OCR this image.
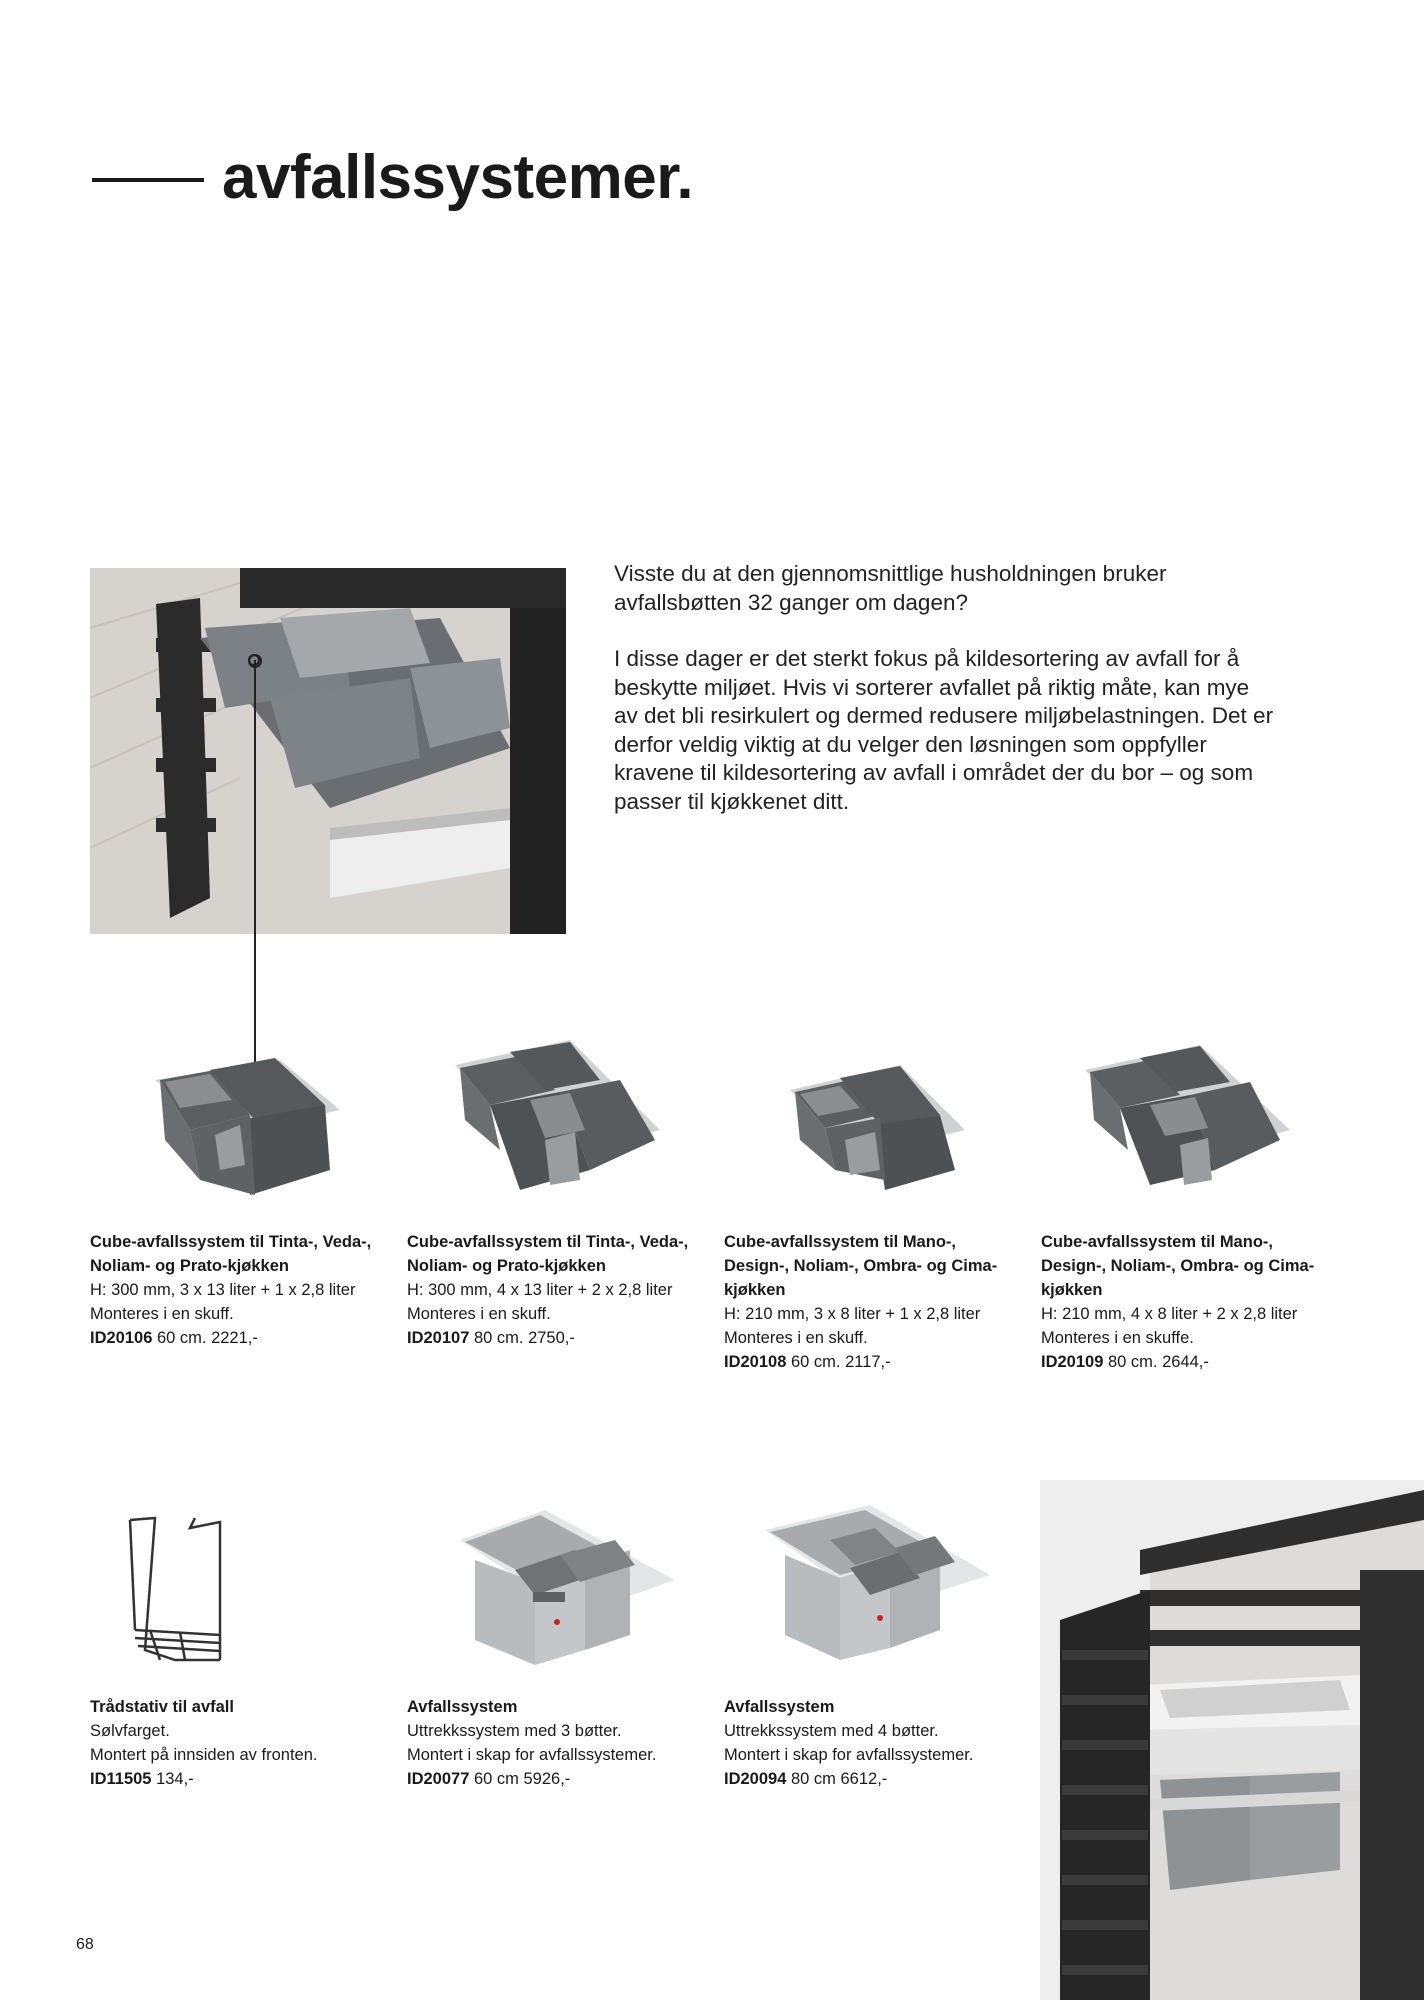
avfallssystemer.

Visste du at den gjennomsnittlige husholdningen bruker avfallsbøtten 32 ganger om dagen?

I disse dager er det sterkt fokus på kildesortering av avfall for å beskytte miljøet. Hvis vi sorterer avfallet på riktig måte, kan mye av det bli resirkulert og dermed redusere miljøbelastningen. Det er derfor veldig viktig at du velger den løsningen som oppfyller kravene til kildesortering av avfall i området der du bor – og som passer til kjøkkenet ditt.

Cube-avfallssystem til Tinta-, Veda-, Noliam- og Prato-kjøkken
H: 300 mm, 3 x 13 liter + 1 x 2,8 liter
Monteres i en skuff.
ID20106 60 cm. 2221,-
Cube-avfallssystem til Tinta-, Veda-, Noliam- og Prato-kjøkken
H: 300 mm, 4 x 13 liter + 2 x 2,8 liter
Monteres i en skuff.
ID20107 80 cm. 2750,-
Cube-avfallssystem til Mano-, Design-, Noliam-, Ombra- og Cima-kjøkken
H: 210 mm, 3 x 8 liter + 1 x 2,8 liter
Monteres i en skuff.
ID20108 60 cm. 2117,-
Cube-avfallssystem til Mano-, Design-, Noliam-, Ombra- og Cima-kjøkken
H: 210 mm, 4 x 8 liter + 2 x 2,8 liter
Monteres i en skuffe.
ID20109 80 cm. 2644,-
Trådstativ til avfall
Sølvfarget.
Montert på innsiden av fronten.
ID11505 134,-
Avfallssystem
Uttrekkssystem med 3 bøtter.
Montert i skap for avfallssystemer.
ID20077 60 cm 5926,-
Avfallssystem
Uttrekkssystem med 4 bøtter.
Montert i skap for avfallssystemer.
ID20094 80 cm 6612,-
68
